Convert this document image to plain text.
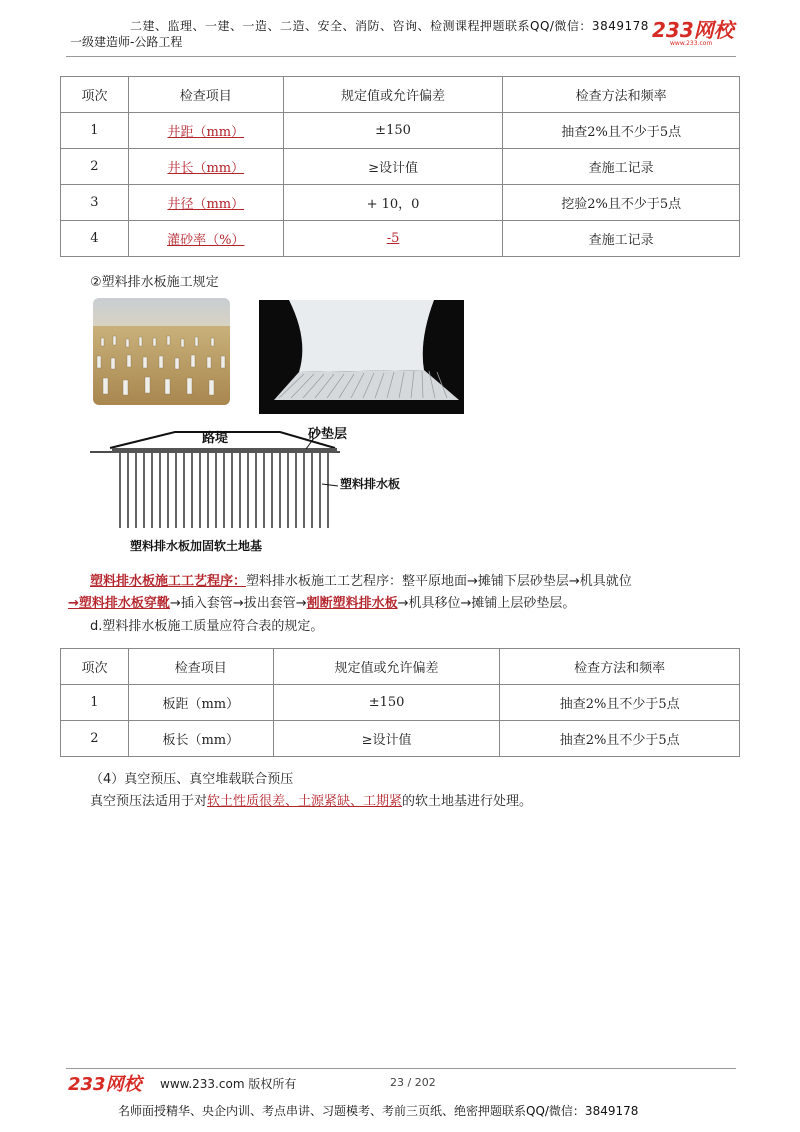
二建、监理、一建、一造、二造、安全、消防、咨询、检测课程押题联系QQ/微信：3849178
一级建造师-公路工程	233网校
www.233.com
项次	检查项目	规定值或允许偏差	检查方法和频率
1	井距（mm）	±150	抽查2%且不少于5点
2	井长（mm）	≥设计值	查施工记录
3	井径（mm）	+ 10，0	挖验2%且不少于5点
4	灌砂率（%）	-5	查施工记录
②塑料排水板施工规定
路堤	砂垫层
塑料排水板
塑料排水板加固软土地基
塑料排水板施工工艺程序：塑料排水板施工工艺程序：整平原地面→摊铺下层砂垫层→机具就位
→塑料排水板穿靴→插入套管→拔出套管→割断塑料排水板→机具移位→摊铺上层砂垫层。
d.塑料排水板施工质量应符合表的规定。
项次	检查项目	规定值或允许偏差	检查方法和频率
1	板距（mm）	±150	抽查2%且不少于5点
2	板长（mm）	≥设计值	抽查2%且不少于5点
（4）真空预压、真空堆载联合预压
真空预压法适用于对软土性质很差、土源紧缺、工期紧的软土地基进行处理。
233网校 www.233.com 版权所有	23 / 202
名师面授精华、央企内训、考点串讲、习题模考、考前三页纸、绝密押题联系QQ/微信：3849178
